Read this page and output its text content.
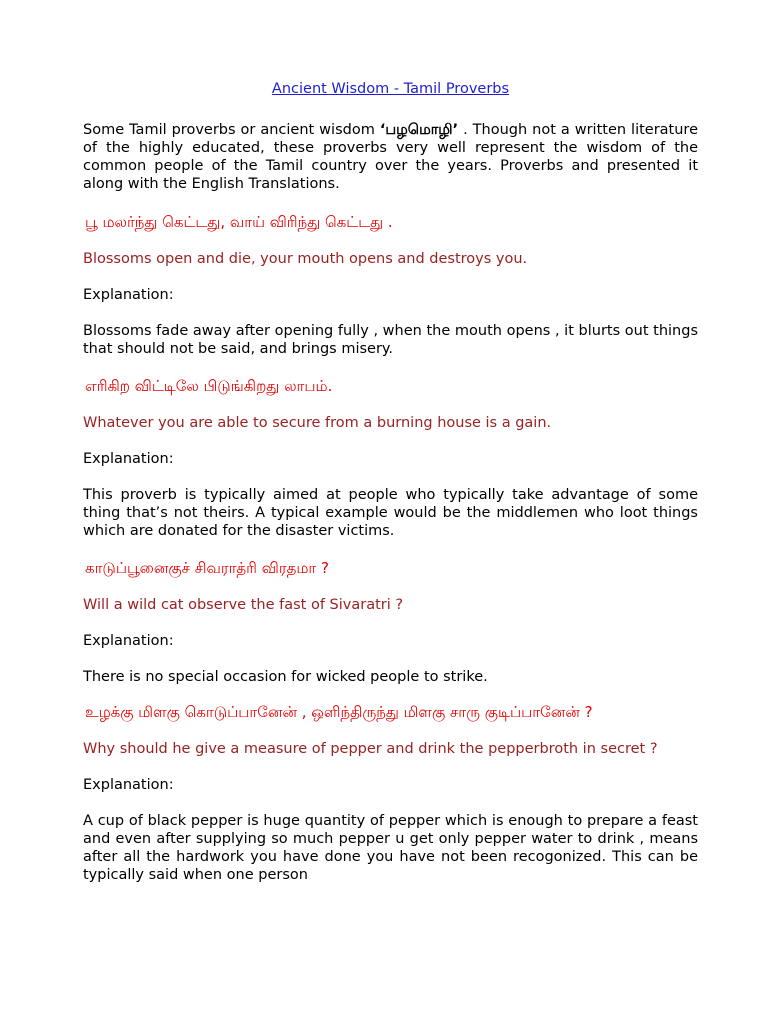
Ancient Wisdom - Tamil Proverbs

Some Tamil proverbs or ancient wisdom ‘பழமொழி’ . Though not a written literature of the highly educated, these proverbs very well represent the wisdom of the common people of the Tamil country over the years. Proverbs and presented it along with the English Translations.

பூ மலர்ந்து கெட்டது, வாய் விரிந்து கெட்டது .

Blossoms open and die, your mouth opens and destroys you.

Explanation:

Blossoms fade away after opening fully , when the mouth opens , it blurts out things that should not be said, and brings misery.

எரிகிற விட்டிலே பிடுங்கிறது லாபம்.

Whatever you are able to secure from a burning house is a gain.

Explanation:

This proverb is typically aimed at people who typically take advantage of some thing that’s not theirs. A typical example would be the middlemen who loot things which are donated for the disaster victims.

காடுப்பூனைகுச் சிவராத்ரி விரதமா ?

Will a wild cat observe the fast of Sivaratri ?

Explanation:

There is no special occasion for wicked people to strike.

உழக்கு மிளகு கொடுப்பானேன் , ஒளிந்திருந்து மிளகு சாரு குடிப்பானேன் ?

Why should he give a measure of pepper and drink the pepperbroth in secret ?

Explanation:

A cup of black pepper is huge quantity of pepper which is enough to prepare a feast and even after supplying so much pepper u get only pepper water to drink , means after all the hardwork you have done you have not been recogonized. This can be typically said when one person
